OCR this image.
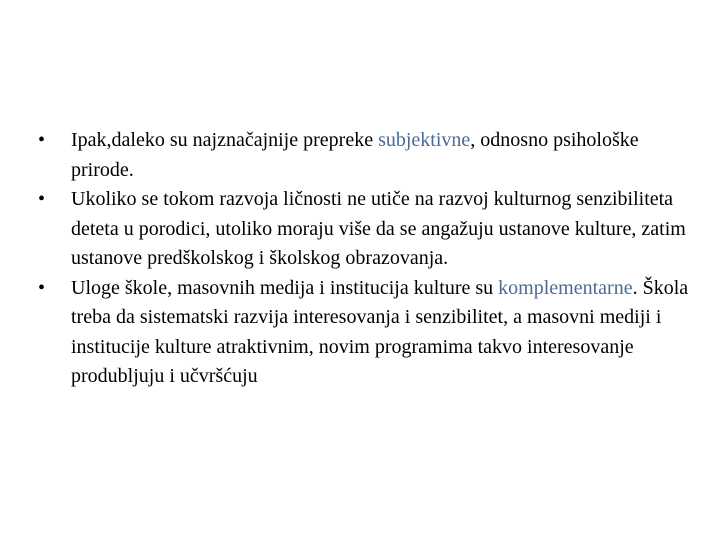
•	Ipak,daleko su najznačajnije prepreke subjektivne, odnosno psihološke prirode.
•	Ukoliko se tokom razvoja ličnosti ne utiče na razvoj kulturnog senzibiliteta deteta u porodici, utoliko moraju više da se angažuju ustanove kulture, zatim ustanove predškolskog i školskog obrazovanja.
•	Uloge škole, masovnih medija i institucija kulture su komplementarne. Škola treba da sistematski razvija interesovanja i senzibilitet, a masovni mediji i institucije kulture atraktivnim, novim programima takvo interesovanje produbljuju i učvršćuju
